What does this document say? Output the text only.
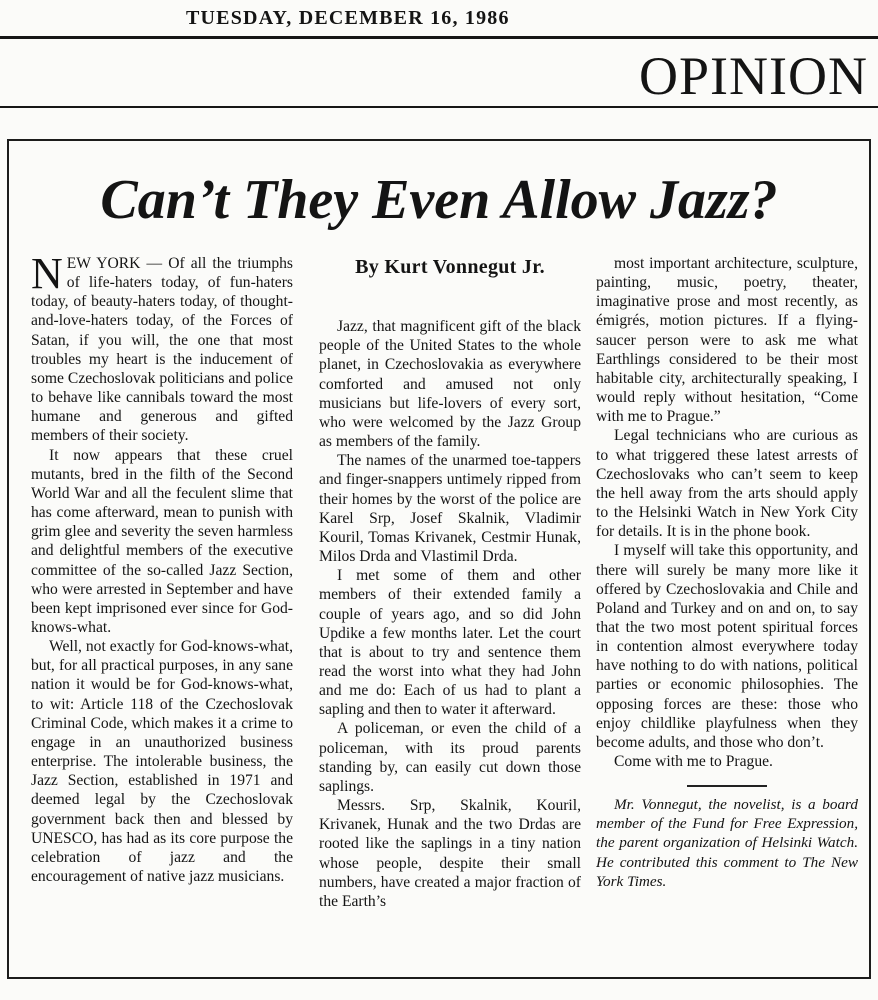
TUESDAY, DECEMBER 16, 1986
OPINION
Can’t They Even Allow Jazz?

NEW YORK — Of all the triumphs of life-haters today, of fun-haters today, of beauty-haters today, of thought-and-love-haters today, of the Forces of Satan, if you will, the one that most troubles my heart is the inducement of some Czechoslovak politicians and police to behave like cannibals toward the most humane and generous and gifted members of their society.

It now appears that these cruel mutants, bred in the filth of the Second World War and all the feculent slime that has come afterward, mean to punish with grim glee and severity the seven harmless and delightful members of the executive committee of the so-called Jazz Section, who were arrested in September and have been kept imprisoned ever since for God-knows-what.

Well, not exactly for God-knows-what, but, for all practical purposes, in any sane nation it would be for God-knows-what, to wit: Article 118 of the Czechoslovak Criminal Code, which makes it a crime to engage in an unauthorized business enterprise. The intolerable business, the Jazz Section, established in 1971 and deemed legal by the Czechoslovak government back then and blessed by UNESCO, has had as its core purpose the celebration of jazz and the encouragement of native jazz musicians.

By Kurt Vonnegut Jr.

Jazz, that magnificent gift of the black people of the United States to the whole planet, in Czechoslovakia as everywhere comforted and amused not only musicians but life-lovers of every sort, who were welcomed by the Jazz Group as members of the family.

The names of the unarmed toe-tappers and finger-snappers untimely ripped from their homes by the worst of the police are Karel Srp, Josef Skalnik, Vladimir Kouril, Tomas Krivanek, Cestmir Hunak, Milos Drda and Vlastimil Drda.

I met some of them and other members of their extended family a couple of years ago, and so did John Updike a few months later. Let the court that is about to try and sentence them read the worst into what they had John and me do: Each of us had to plant a sapling and then to water it afterward.

A policeman, or even the child of a policeman, with its proud parents standing by, can easily cut down those saplings.

Messrs. Srp, Skalnik, Kouril, Krivanek, Hunak and the two Drdas are rooted like the saplings in a tiny nation whose people, despite their small numbers, have created a major fraction of the Earth’s

most important architecture, sculpture, painting, music, poetry, theater, imaginative prose and most recently, as émigrés, motion pictures. If a flying-saucer person were to ask me what Earthlings considered to be their most habitable city, architecturally speaking, I would reply without hesitation, “Come with me to Prague.”

Legal technicians who are curious as to what triggered these latest arrests of Czechoslovaks who can’t seem to keep the hell away from the arts should apply to the Helsinki Watch in New York City for details. It is in the phone book.

I myself will take this opportunity, and there will surely be many more like it offered by Czechoslovakia and Chile and Poland and Turkey and on and on, to say that the two most potent spiritual forces in contention almost everywhere today have nothing to do with nations, political parties or economic philosophies. The opposing forces are these: those who enjoy childlike playfulness when they become adults, and those who don’t.

Come with me to Prague.

Mr. Vonnegut, the novelist, is a board member of the Fund for Free Expression, the parent organization of Helsinki Watch. He contributed this comment to The New York Times.
